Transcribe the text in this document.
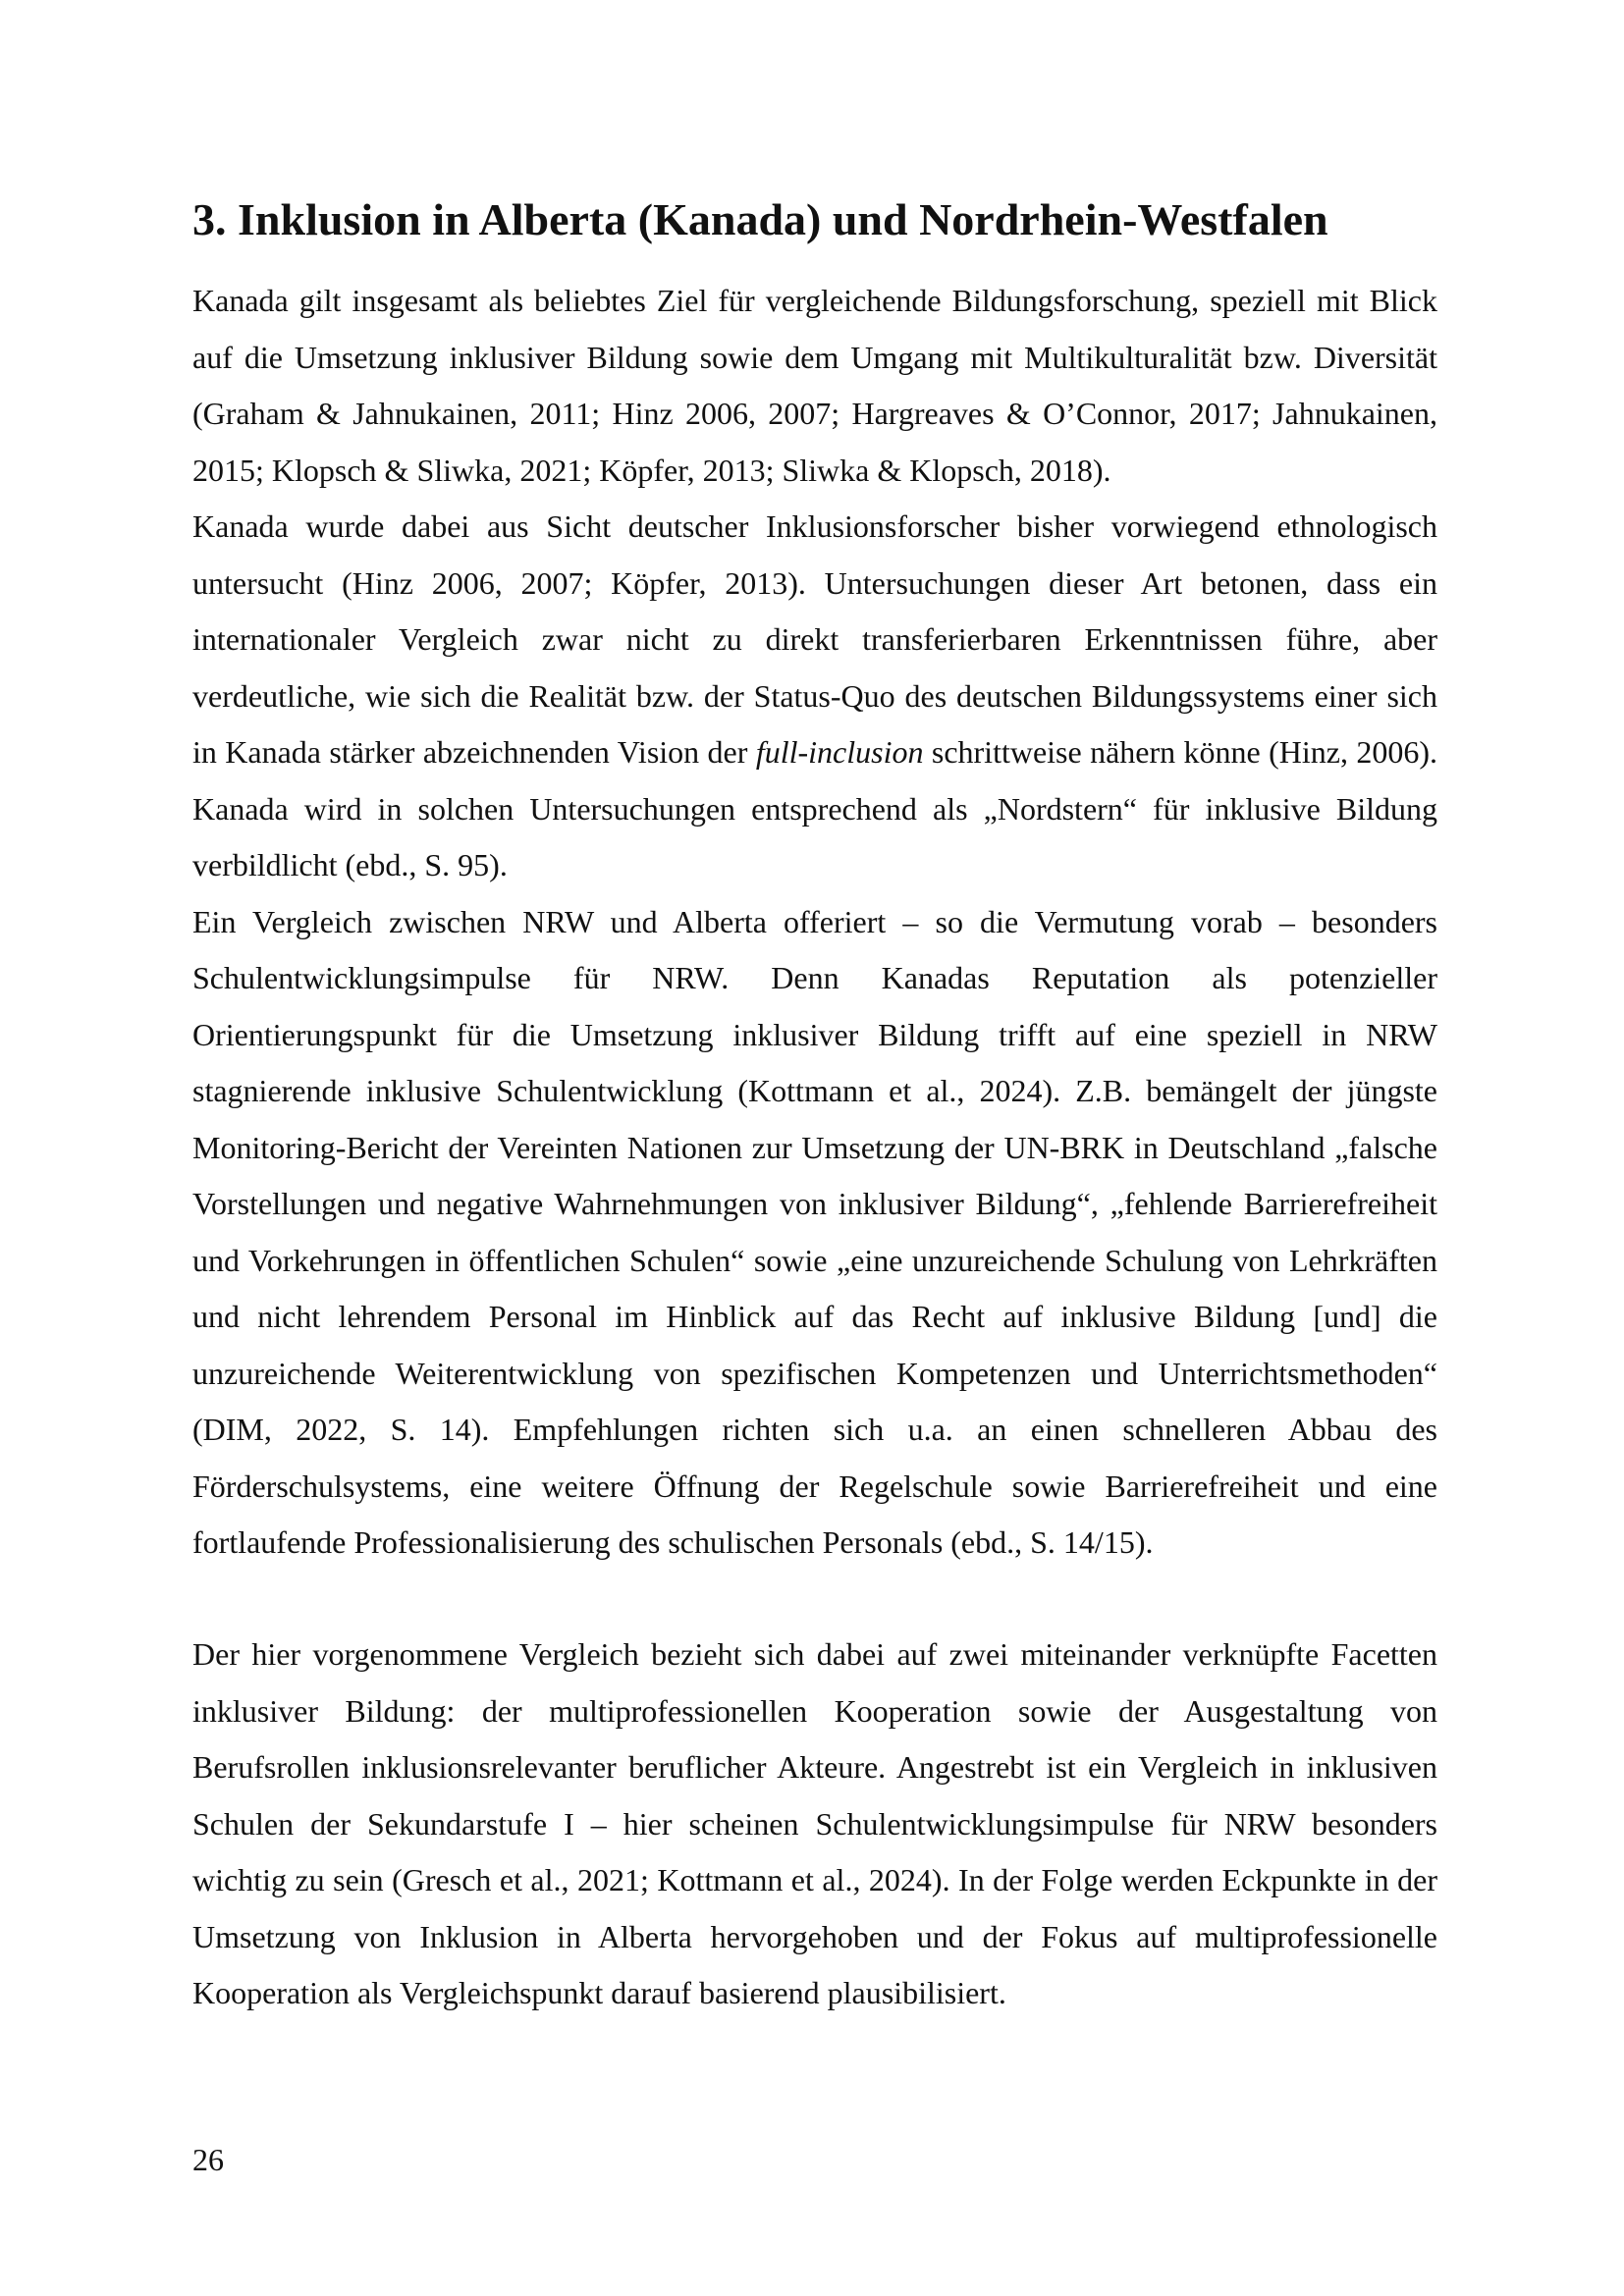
3. Inklusion in Alberta (Kanada) und Nordrhein-Westfalen

Kanada gilt insgesamt als beliebtes Ziel für vergleichende Bildungsforschung, speziell mit Blick auf die Umsetzung inklusiver Bildung sowie dem Umgang mit Multikulturalität bzw. Diversität (Graham & Jahnukainen, 2011; Hinz 2006, 2007; Hargreaves & O’Connor, 2017; Jahnukainen, 2015; Klopsch & Sliwka, 2021; Köpfer, 2013; Sliwka & Klopsch, 2018).

Kanada wurde dabei aus Sicht deutscher Inklusionsforscher bisher vorwiegend ethnologisch untersucht (Hinz 2006, 2007; Köpfer, 2013). Untersuchungen dieser Art betonen, dass ein internationaler Vergleich zwar nicht zu direkt transferierbaren Erkenntnissen führe, aber verdeutliche, wie sich die Realität bzw. der Status-Quo des deutschen Bildungssystems einer sich in Kanada stärker abzeichnenden Vision der full-inclusion schrittweise nähern könne (Hinz, 2006). Kanada wird in solchen Untersuchungen entsprechend als „Nordstern“ für inklusive Bildung verbildlicht (ebd., S. 95).

Ein Vergleich zwischen NRW und Alberta offeriert – so die Vermutung vorab – besonders Schulentwicklungsimpulse für NRW. Denn Kanadas Reputation als potenzieller Orientierungspunkt für die Umsetzung inklusiver Bildung trifft auf eine speziell in NRW stagnierende inklusive Schulentwicklung (Kottmann et al., 2024). Z.B. bemängelt der jüngste Monitoring-Bericht der Vereinten Nationen zur Umsetzung der UN-BRK in Deutschland „falsche Vorstellungen und negative Wahrnehmungen von inklusiver Bildung“, „fehlende Barrierefreiheit und Vorkehrungen in öffentlichen Schulen“ sowie „eine unzureichende Schulung von Lehrkräften und nicht lehrendem Personal im Hinblick auf das Recht auf inklusive Bildung [und] die unzureichende Weiterentwicklung von spezifischen Kompetenzen und Unterrichtsmethoden“ (DIM, 2022, S. 14). Empfehlungen richten sich u.a. an einen schnelleren Abbau des Förderschulsystems, eine weitere Öffnung der Regelschule sowie Barrierefreiheit und eine fortlaufende Professionalisierung des schulischen Personals (ebd., S. 14/15).

Der hier vorgenommene Vergleich bezieht sich dabei auf zwei miteinander verknüpfte Facetten inklusiver Bildung: der multiprofessionellen Kooperation sowie der Ausgestaltung von Berufsrollen inklusionsrelevanter beruflicher Akteure. Angestrebt ist ein Vergleich in inklusiven Schulen der Sekundarstufe I – hier scheinen Schulentwicklungsimpulse für NRW besonders wichtig zu sein (Gresch et al., 2021; Kottmann et al., 2024). In der Folge werden Eckpunkte in der Umsetzung von Inklusion in Alberta hervorgehoben und der Fokus auf multiprofessionelle Kooperation als Vergleichspunkt darauf basierend plausibilisiert.

26
